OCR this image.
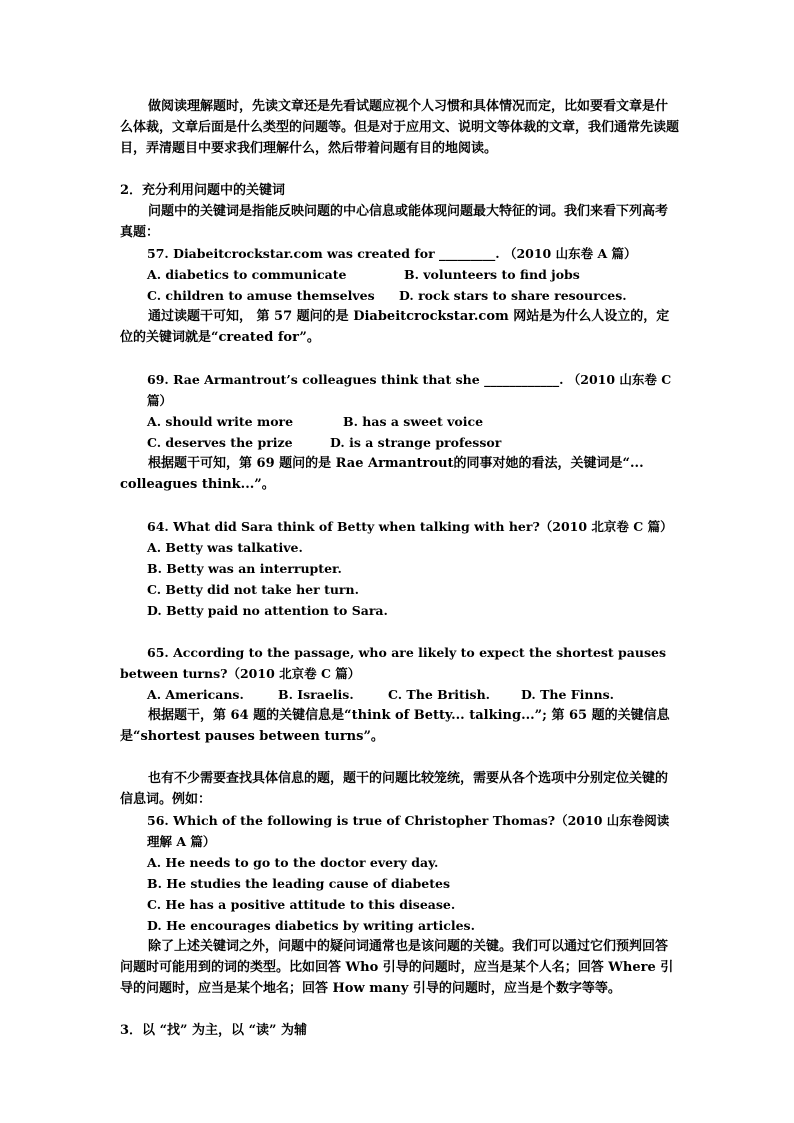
做阅读理解题时，先读文章还是先看试题应视个人习惯和具体情况而定，比如要看文章是什么体裁，文章后面是什么类型的问题等。但是对于应用文、说明文等体裁的文章，我们通常先读题目，弄清题目中要求我们理解什么，然后带着问题有目的地阅读。

2．充分利用问题中的关键词

问题中的关键词是指能反映问题的中心信息或能体现问题最大特征的词。我们来看下列高考真题：

57. Diabeitcrockstar.com was created for _________. （2010 山东卷 A 篇）

A. diabetics to communicate	B. volunteers to find jobs
C. children to amuse themselves	D. rock stars to share resources.

通过读题干可知， 第 57 题问的是 Diabeitcrockstar.com 网站是为什么人设立的，定位的关键词就是“created for”。

69. Rae Armantrout’s colleagues think that she ____________. （2010 山东卷 C 篇）

A. should write more	B. has a sweet voice
C. deserves the prize	D. is a strange professor

根据题干可知，第 69 题问的是 Rae Armantrout的同事对她的看法，关键词是“... colleagues think...”。

64. What did Sara think of Betty when talking with her?（2010 北京卷 C 篇）

A. Betty was talkative.

B. Betty was an interrupter.

C. Betty did not take her turn.

D. Betty paid no attention to Sara.

65. According to the passage, who are likely to expect the shortest pauses between turns?（2010 北京卷 C 篇）

A. Americans.	B. Israelis.	C. The British.	D. The Finns.

根据题干，第 64 题的关键信息是“think of Betty... talking...”; 第 65 题的关键信息是“shortest pauses between turns”。

也有不少需要查找具体信息的题，题干的问题比较笼统，需要从各个选项中分别定位关键的信息词。例如：

56. Which of the following is true of Christopher Thomas?（2010 山东卷阅读理解 A 篇）

A. He needs to go to the doctor every day.

B. He studies the leading cause of diabetes

C. He has a positive attitude to this disease.

D. He encourages diabetics by writing articles.

除了上述关键词之外，问题中的疑问词通常也是该问题的关键。我们可以通过它们预判回答问题时可能用到的词的类型。比如回答 Who 引导的问题时，应当是某个人名；回答 Where 引导的问题时，应当是某个地名；回答 How many 引导的问题时，应当是个数字等等。

3．以 “找” 为主，以 “读” 为辅
